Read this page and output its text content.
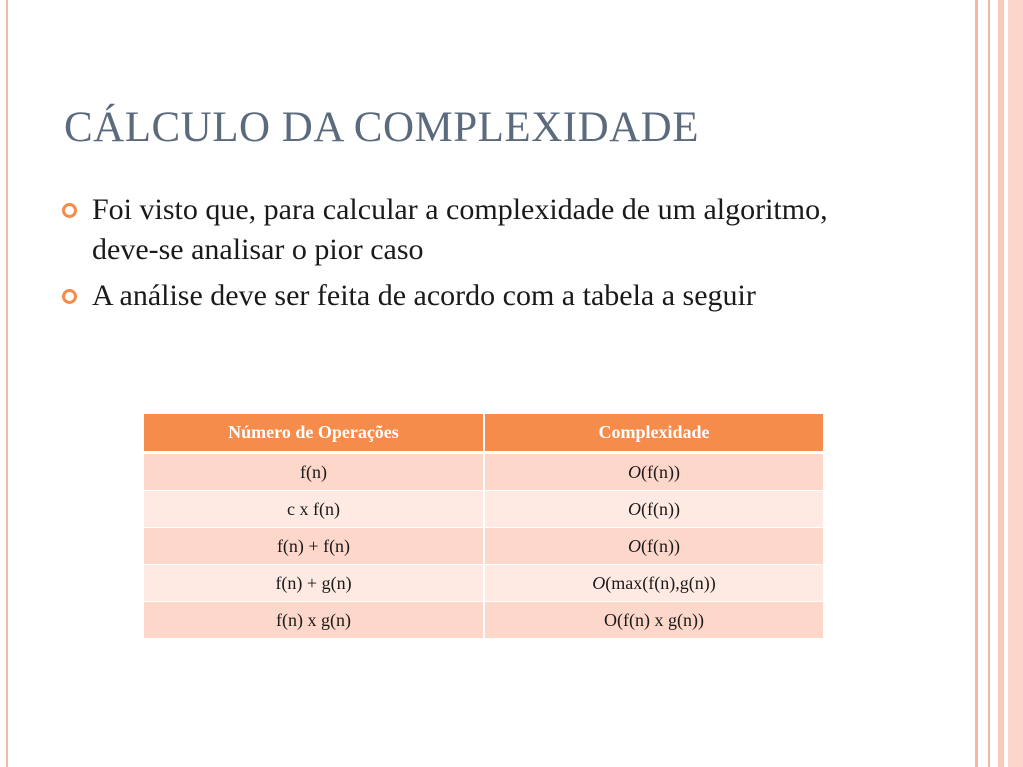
CÁLCULO DA COMPLEXIDADE
Foi visto que, para calcular a complexidade de um algoritmo, deve-se analisar o pior caso
A análise deve ser feita de acordo com a tabela a seguir
Número de Operações	Complexidade
f(n)	O(f(n))
c x f(n)	O(f(n))
f(n) + f(n)	O(f(n))
f(n) + g(n)	O(max(f(n),g(n))
f(n) x g(n)	O(f(n) x g(n))
